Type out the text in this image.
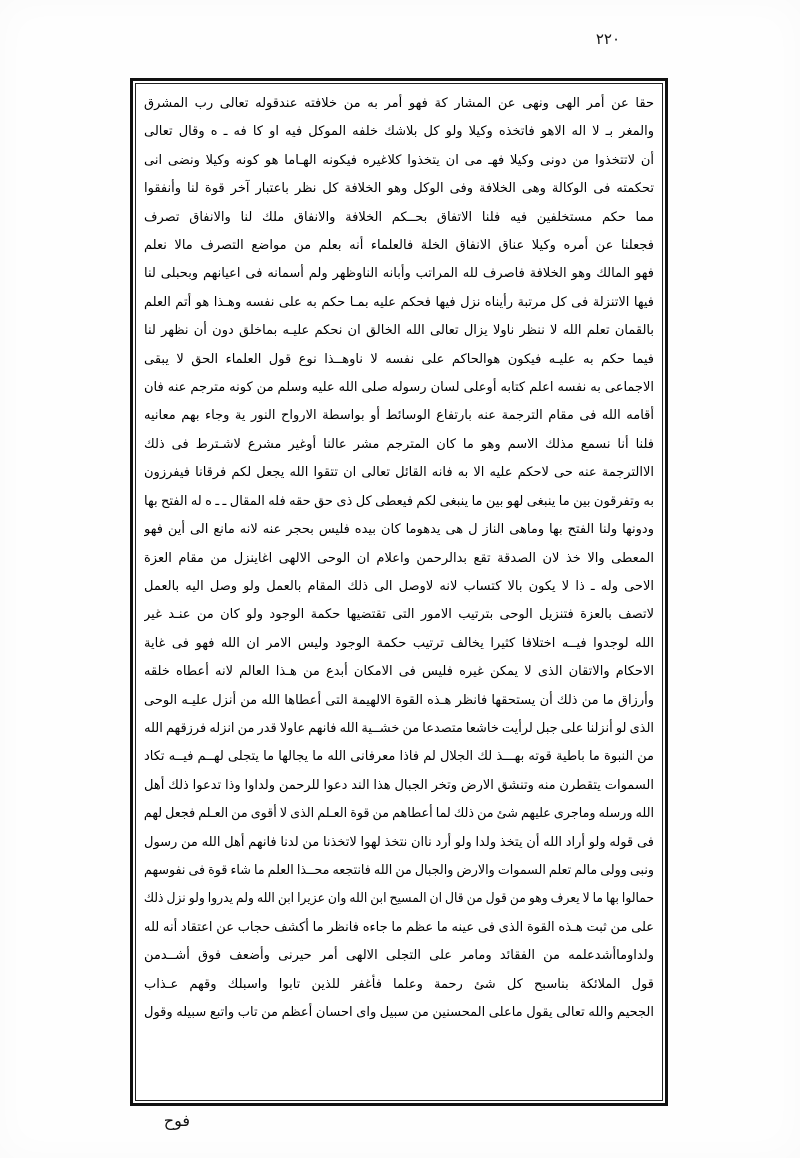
٢٢٠
حقا عن أمر الهى ونهى عن المشار كة فهو أمر به من خلافته عندقوله تعالى رب المشرق
والمغر بـ لا اله الاهو فاتخذه وكيلا ولو كل بلاشك خلفه الموكل فيه او كا فه ـ ه وقال تعالى
أن لاتتخذوا من دونى وكيلا فهـ مى ان يتخذوا كلاغيره فيكونه الهـاما هو كونه وكيلا ونضى انى
تحكمته فى الوكالة وهى الخلافة وفى الوكل وهو الخلافة كل نظر باعتبار آخر قوة لنا وأنفقوا
مما حكم مستخلفين فيه فلنا الاتفاق بحــكم الخلافة والانفاق ملك لنا والانفاق تصرف
فجعلنا عن أمره وكيلا عناق الانفاق الخلة فالعلماء أنه بعلم من مواضع التصرف مالا نعلم
فهو المالك وهو الخلافة فاصرف لله المراتب وأبانه الناوظهر ولم أسمانه فى اعيانهم وبحبلى لنا
فيها الاتنزلة فى كل مرتبة رأيناه نزل فيها فحكم عليه بمـا حكم به على نفسه وهـذا هو أتم العلم
بالقمان تعلم الله لا ننظر ناولا يزال تعالى الله الخالق ان نحكم عليـه بماخلق دون أن نظهر لنا
فيما حكم به عليـه فيكون هوالحاكم على نفسه لا ناوهــذا نوع قول العلماء الحق لا يبقى
الاجماعى به نفسه اعلم كتابه أوعلى لسان رسوله صلى الله عليه وسلم من كونه مترجم عنه فان
أقامه الله فى مقام الترجمة عنه بارتفاع الوسائط أو بواسطة الارواح النور ية وجاء بهم معانيه
فلنا أنا نسمع مذلك الاسم وهو ما كان المترجم مشر عالنا أوغير مشرع لاشـترط فى ذلك
الاالترجمة عنه حى لاحكم عليه الا به فانه القائل تعالى ان تتقوا الله يجعل لكم فرقانا فيفرزون
به وتفرقون بين ما ينبغى لهو بين ما ينبغى لكم فيعطى كل ذى حق حقه فله المقال ـ ـ ه له الفتح بها
ودونها ولنا الفتح بها وماهى الناز ل هى يدهوما كان بيده فليس بحجر عنه لانه مانع الى أين فهو
المعطى والا خذ لان الصدقة تقع بدالرحمن واعلام ان الوحى الالهى اغاينزل من مقام العزة
الاحى وله ـ ذا لا يكون بالا كتساب لانه لاوصل الى ذلك المقام بالعمل ولو وصل اليه بالعمل
لاتصف بالعزة فتنزيل الوحى بترتيب الامور التى تقتضيها حكمة الوجود ولو كان من عنـد غير
الله لوجدوا فيــه اختلافا كثيرا يخالف ترتيب حكمة الوجود وليس الامر ان الله فهو فى غاية
الاحكام والاتقان الذى لا يمكن غيره فليس فى الامكان أبدع من هـذا العالم لانه أعطاه خلقه
وأرزاق ما من ذلك أن يستحقها فانظر هـذه القوة الالهيمة التى أعطاها الله من أنزل عليـه الوحى
الذى لو أنزلنا على جبل لرأيت خاشعا متصدعا من خشــية الله فانهم عاولا قدر من انزله فرزقهم الله
من النبوة ما باطية قوته بهـــذ لك الجلال لم فاذا معرفانى الله ما يجالها ما يتجلى لهــم فيــه تكاد
السموات يتقطرن منه وتنشق الارض وتخر الجبال هذا الند دعوا للرحمن ولداوا وذا تدعوا ذلك أهل
الله ورسله وماجرى عليهم شئ من ذلك لما أعطاهم من قوة العـلم الذى لا أقوى من العـلم فجعل لهم
فى قوله ولو أراد الله أن يتخذ ولدا ولو أرد ناان نتخذ لهوا لاتخذنا من لدنا فانهم أهل الله من رسول
ونبى وولى مالم تعلم السموات والارض والجبال من الله فانتجعه محــذا العلم ما شاء قوة فى نفوسهم
حمالوا بها ما لا يعرف وهو من قول من قال ان المسيح ابن الله وان عزيرا ابن الله ولم يدروا ولو نزل ذلك
على من ثبت هـذه القوة الذى فى عينه ما عظم ما جاءه فانظر ما أكشف حجاب عن اعتقاد أنه لله
ولداوماأشدعلمه من الفقائد ومامر على التجلى الالهى أمر حيرنى وأضعف فوق أشــدمن
قول الملائكة بناسبح كل شئ رحمة وعلما فأغفر للذين تابوا واسبلك وقهم عـذاب
الجحيم والله تعالى يقول ماعلى المحسنين من سبيل واى احسان أعظم من تاب واتبع سبيله وقول
فوح
